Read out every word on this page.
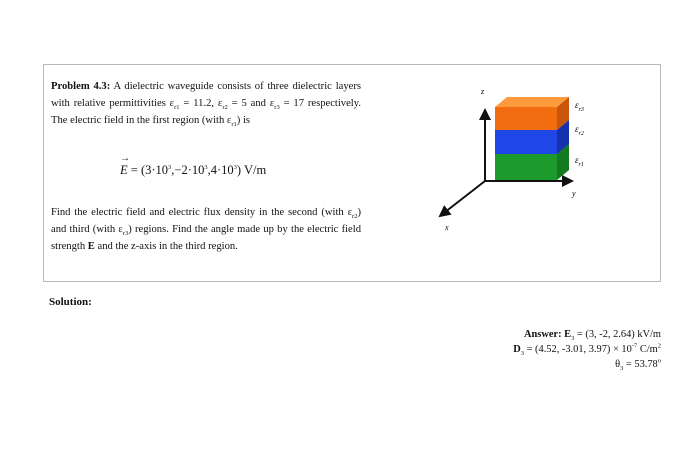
Problem 4.3: A dielectric waveguide consists of three dielectric layers with relative permittivities $\varepsilon_{r1} = 11.2$, $\varepsilon_{r2} = 5$ and $\varepsilon_{r3} = 17$ respectively. The electric field in the first region (with $\varepsilon_{r1}$) is
→ $E = (3\cdot 10^3,-2\cdot 10^3,4\cdot 10^3)$ V/m
Find the electric field and electric flux density in the second (with $\varepsilon_{r2}$) and third (with $\varepsilon_{r3}$) regions. Find the angle made up by the electric field strength E and the z-axis in the third region.
Solution:
Answer: $E_3 = (3$, -2, 2.64) kV/m
$D_3 = (4.52$, -3.01, $3.97) \times 10^{-7}$ $C/m^2$
$\theta_3 = 53.78^o$
z
y
x
$\varepsilon_{r3}$
$\varepsilon_{r2}$
$\varepsilon_{r1}$
